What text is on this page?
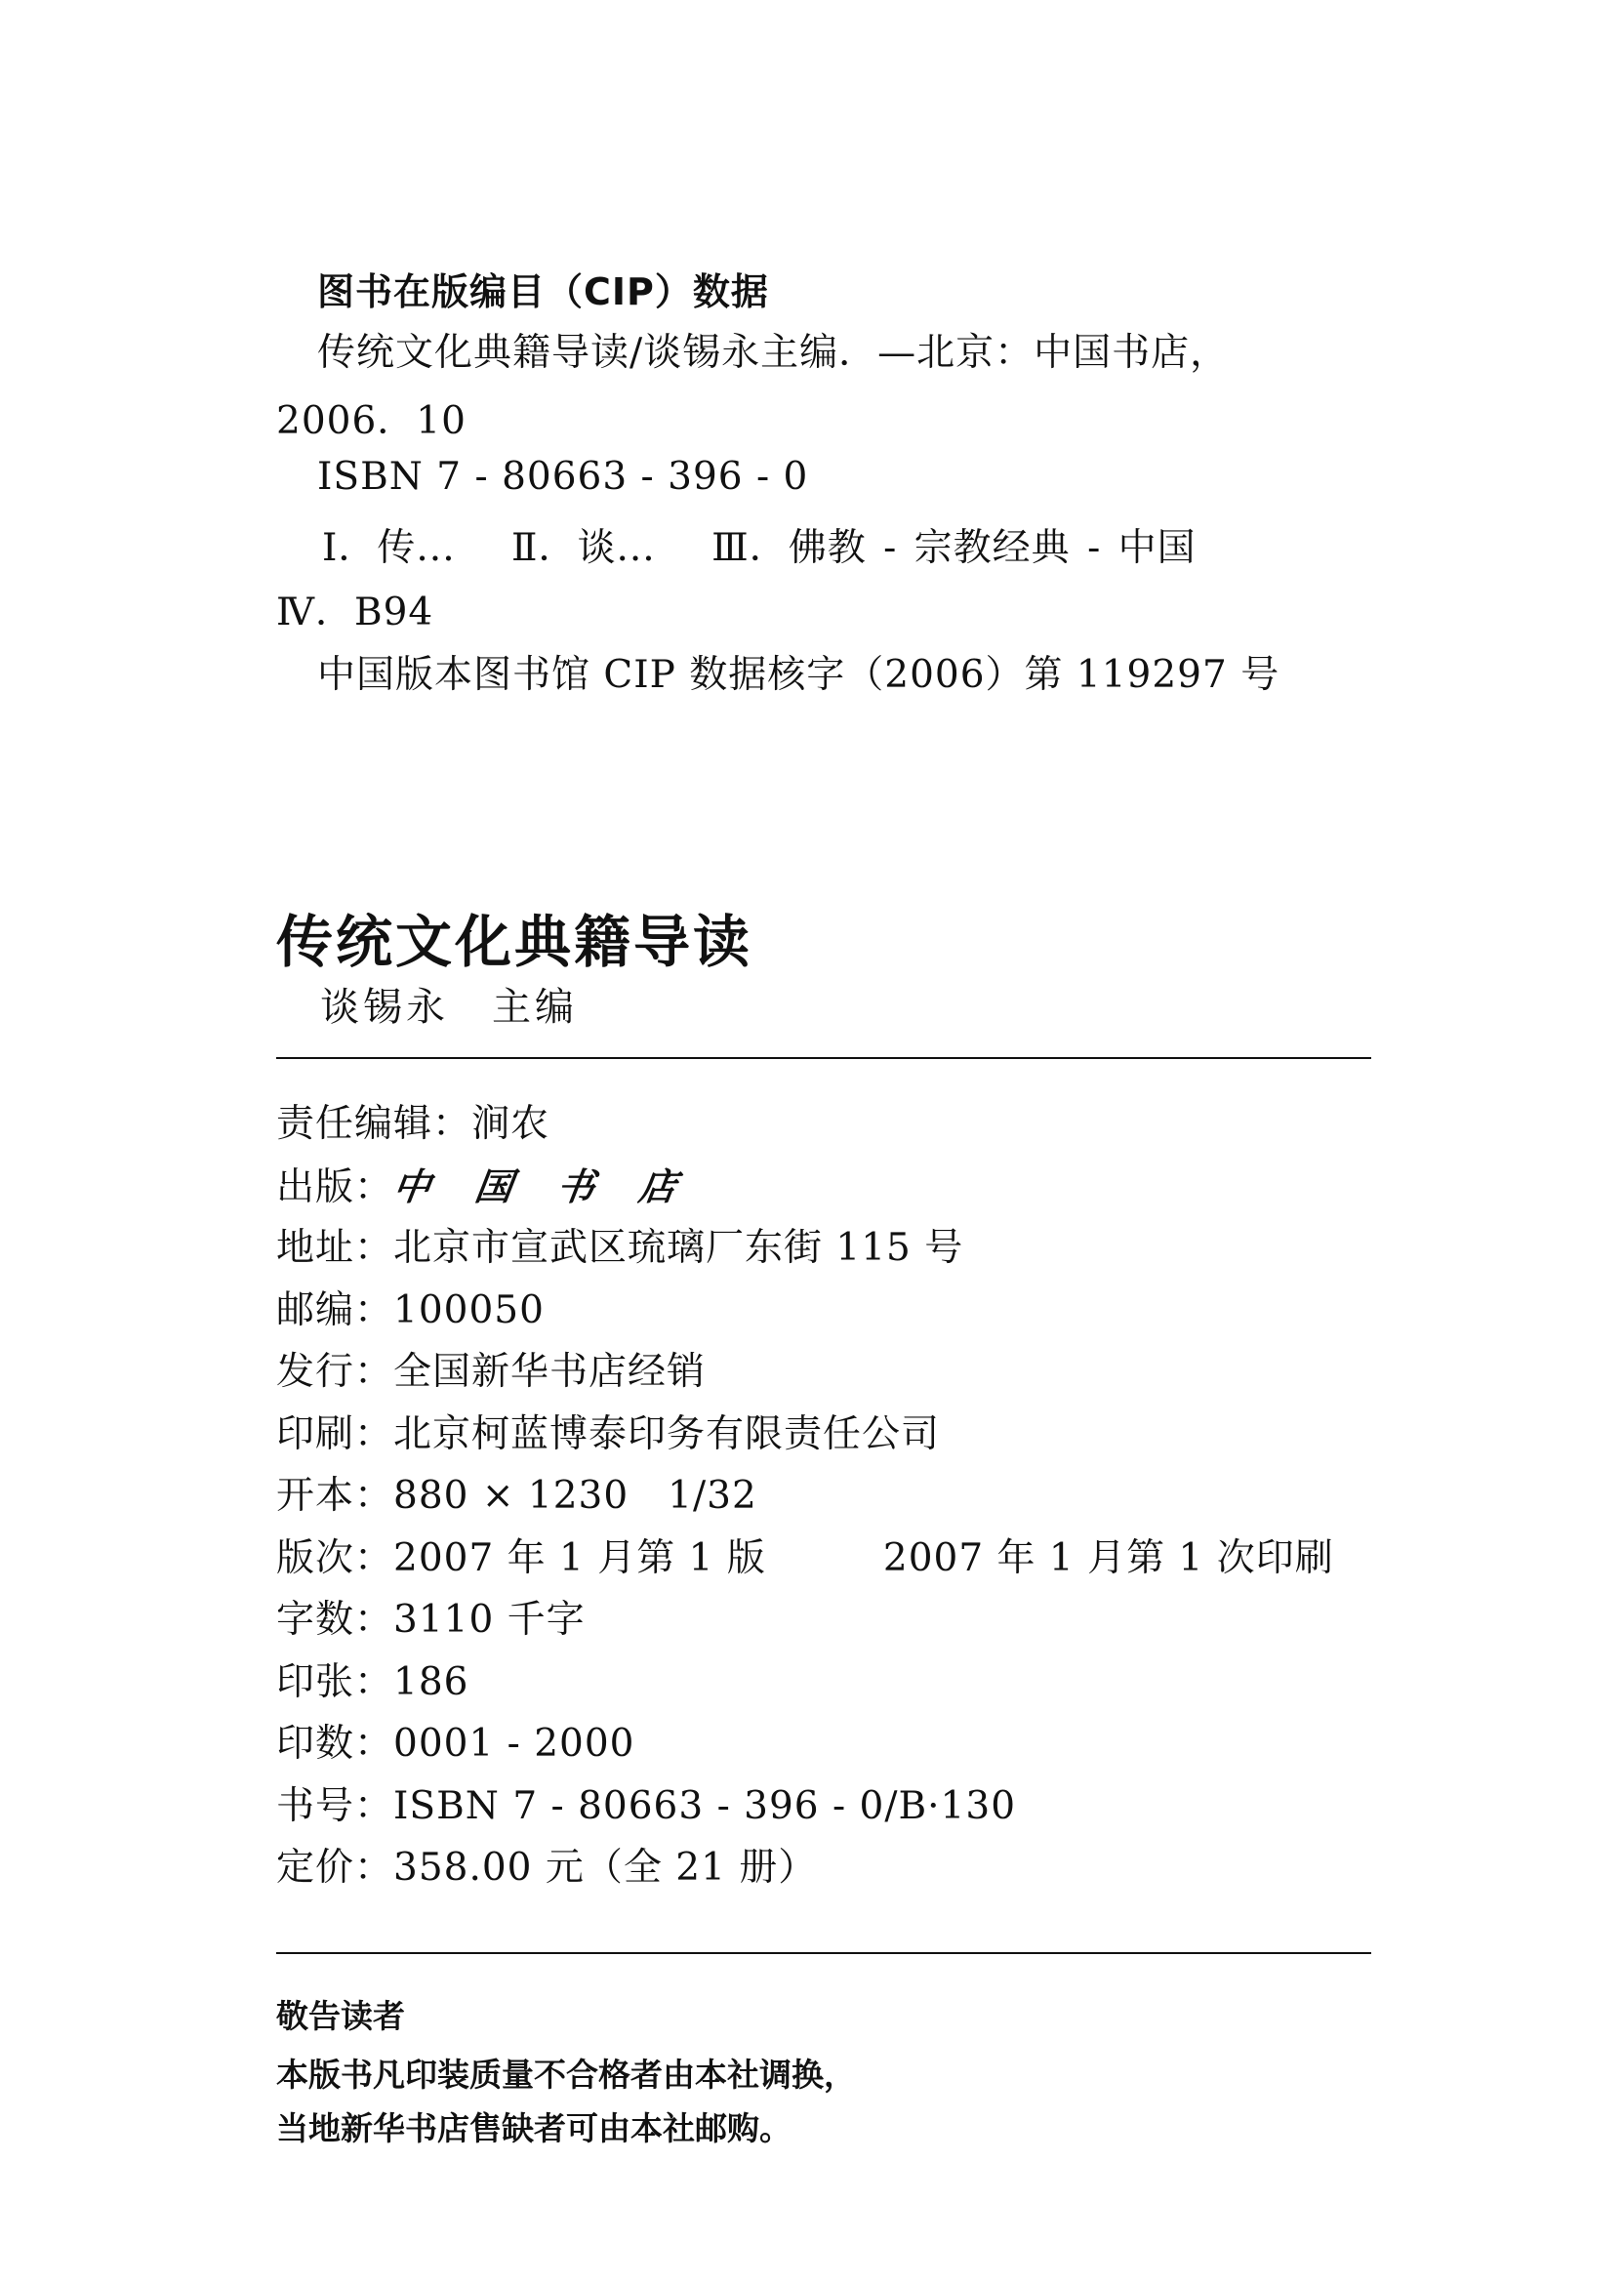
图书在版编目（CIP）数据
传统文化典籍导读/谈锡永主编．—北京：中国书店，
2006．10
ISBN 7 - 80663 - 396 - 0
Ⅰ．传...　 Ⅱ．谈...　 Ⅲ．佛教 - 宗教经典 - 中国
Ⅳ．B94
中国版本图书馆 CIP 数据核字（2006）第 119297 号
传统文化典籍导读
谈锡永　主编
责任编辑：涧农
出版：中国书店
地址：北京市宣武区琉璃厂东街 115 号
邮编：100050
发行：全国新华书店经销
印刷：北京柯蓝博泰印务有限责任公司
开本：880 × 1230　1/32
版次：2007 年 1 月第 1 版	2007 年 1 月第 1 次印刷
字数：3110 千字
印张：186
印数：0001 - 2000
书号：ISBN 7 - 80663 - 396 - 0/B·130
定价：358.00 元（全 21 册）
敬告读者
本版书凡印装质量不合格者由本社调换，
当地新华书店售缺者可由本社邮购。
